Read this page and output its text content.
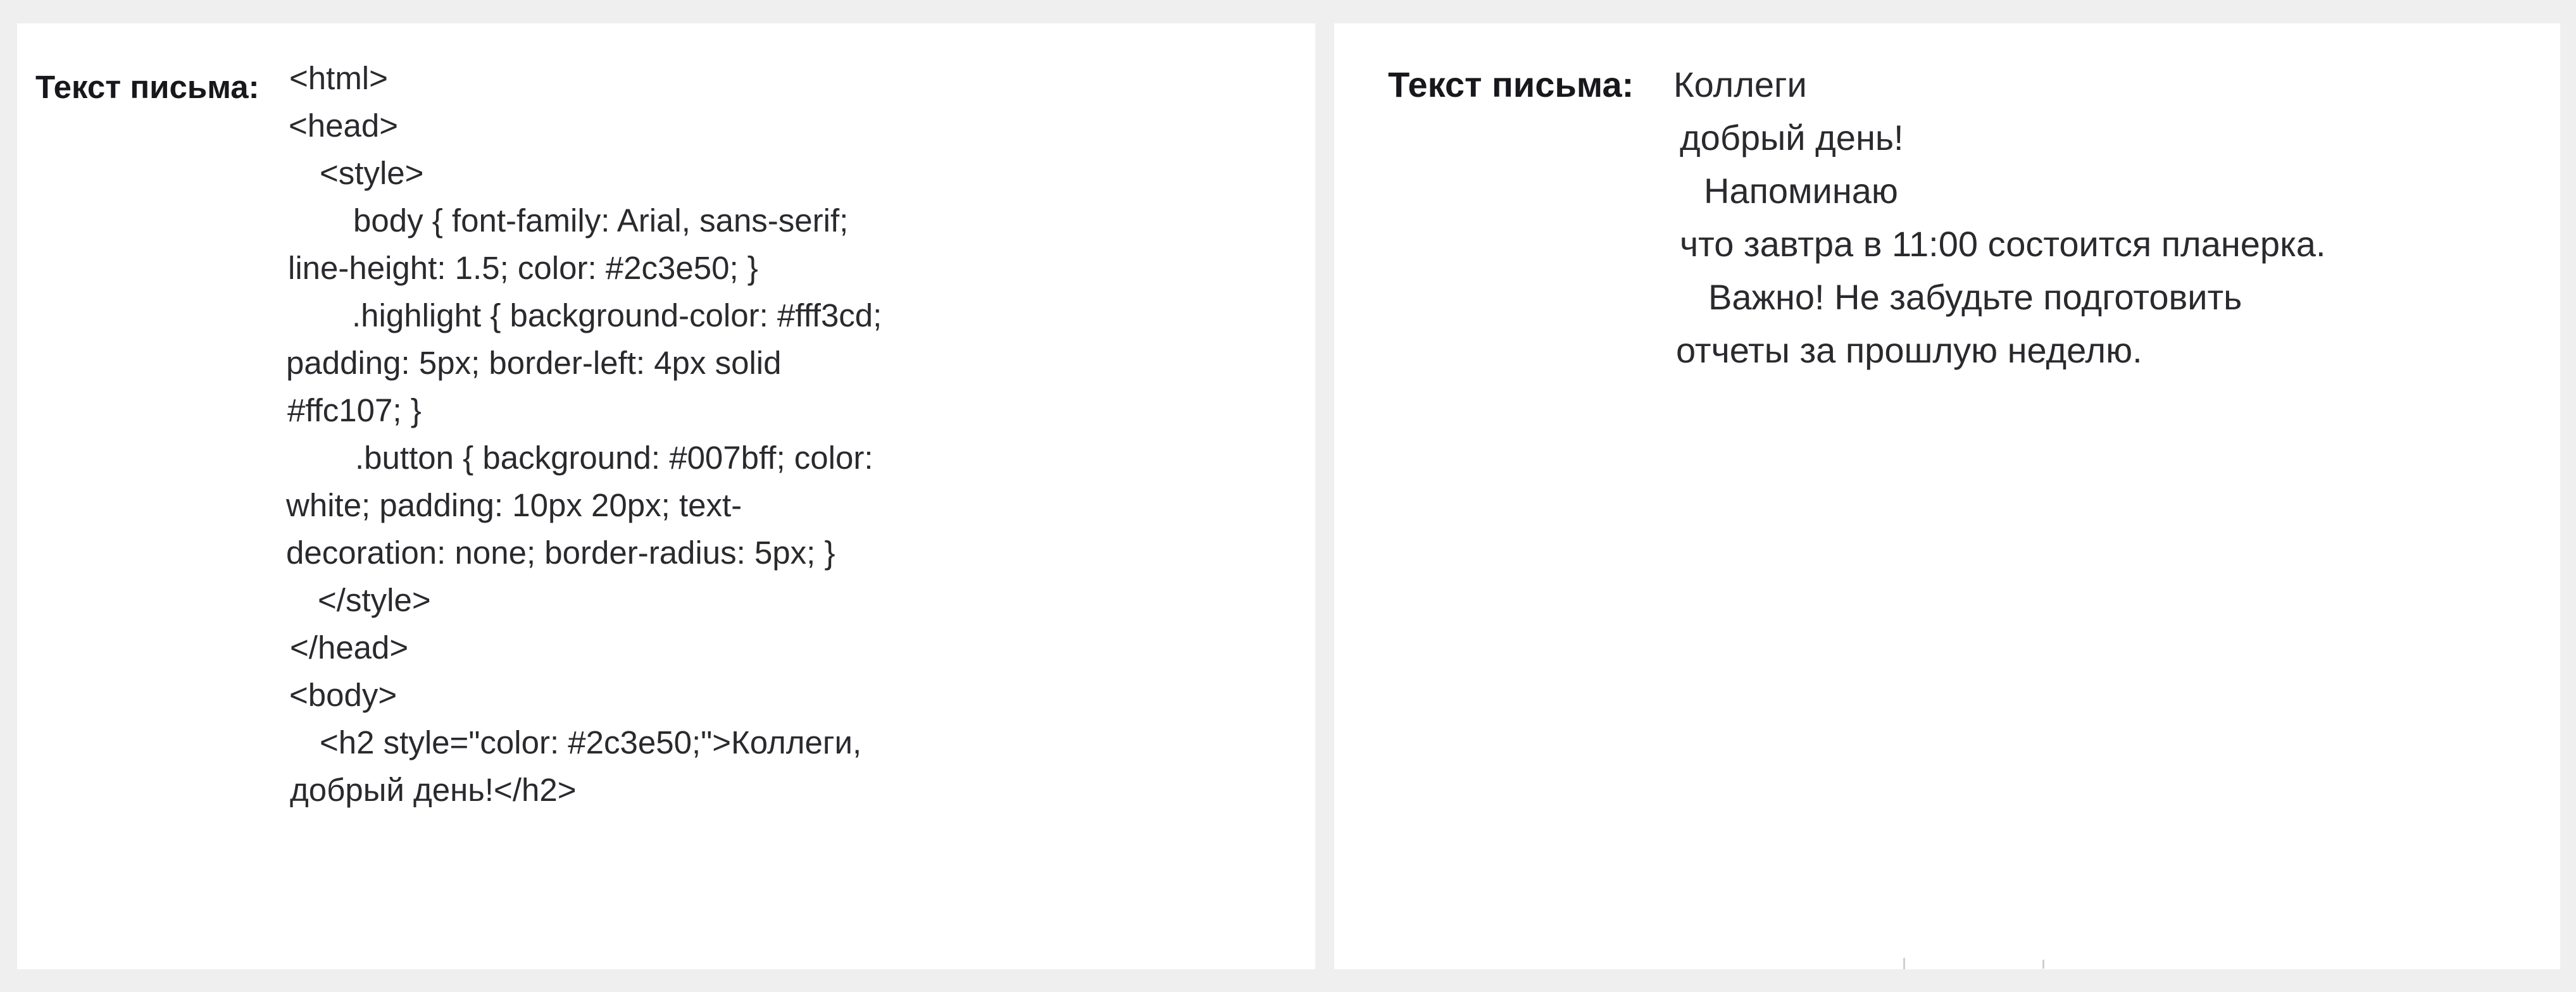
Текст письма: <html>
<head>
<style>
body { font-family: Arial, sans-serif;
line-height: 1.5; color: #2c3e50; }
.highlight { background-color: #fff3cd;
padding: 5px; border-left: 4px solid
#ffc107; }
.button { background: #007bff; color:
white; padding: 10px 20px; text-
decoration: none; border-radius: 5px; }
</style>
</head>
<body>
<h2 style="color: #2c3e50;">Коллеги,
добрый день!</h2>
Текст письма: Коллеги
добрый день!
Напоминаю
что завтра в 11:00 состоится планерка.
Важно! Не забудьте подготовить
отчеты за прошлую неделю.
